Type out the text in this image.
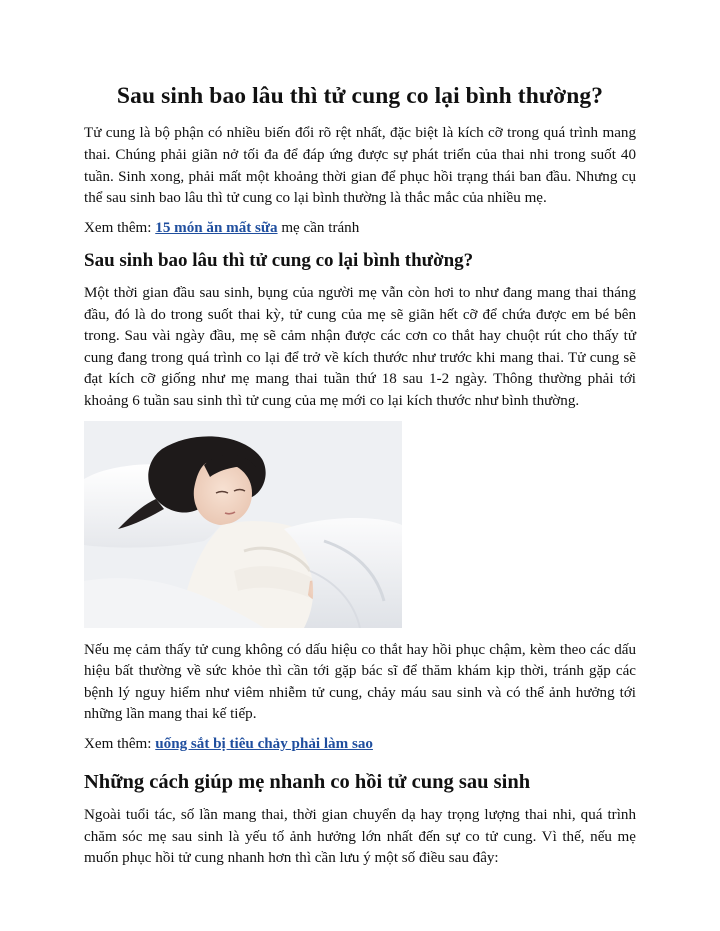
Sau sinh bao lâu thì tử cung co lại bình thường?

Tử cung là bộ phận có nhiều biến đổi rõ rệt nhất, đặc biệt là kích cỡ trong quá trình mang thai. Chúng phải giãn nở tối đa để đáp ứng được sự phát triển của thai nhi trong suốt 40 tuần. Sinh xong, phải mất một khoảng thời gian để phục hồi trạng thái ban đầu. Nhưng cụ thể sau sinh bao lâu thì tử cung co lại bình thường là thắc mắc của nhiều mẹ.

Xem thêm: 15 món ăn mất sữa mẹ cần tránh

Sau sinh bao lâu thì tử cung co lại bình thường?

Một thời gian đầu sau sinh, bụng của người mẹ vẫn còn hơi to như đang mang thai tháng đầu, đó là do trong suốt thai kỳ, tử cung của mẹ sẽ giãn hết cỡ để chứa được em bé bên trong. Sau vài ngày đầu, mẹ sẽ cảm nhận được các cơn co thắt hay chuột rút cho thấy tử cung đang trong quá trình co lại để trở về kích thước như trước khi mang thai. Tử cung sẽ đạt kích cỡ giống như mẹ mang thai tuần thứ 18 sau 1-2 ngày. Thông thường phải tới khoảng 6 tuần sau sinh thì tử cung của mẹ mới co lại kích thước như bình thường.

Nếu mẹ cảm thấy tử cung không có dấu hiệu co thắt hay hồi phục chậm, kèm theo các dấu hiệu bất thường về sức khỏe thì cần tới gặp bác sĩ để thăm khám kịp thời, tránh gặp các bệnh lý nguy hiểm như viêm nhiễm tử cung, chảy máu sau sinh và có thể ảnh hưởng tới những lần mang thai kế tiếp.

Xem thêm: uống sắt bị tiêu chảy phải làm sao

Những cách giúp mẹ nhanh co hồi tử cung sau sinh

Ngoài tuổi tác, số lần mang thai, thời gian chuyển dạ hay trọng lượng thai nhi, quá trình chăm sóc mẹ sau sinh là yếu tố ảnh hưởng lớn nhất đến sự co tử cung. Vì thế, nếu mẹ muốn phục hồi tử cung nhanh hơn thì cần lưu ý một số điều sau đây:
